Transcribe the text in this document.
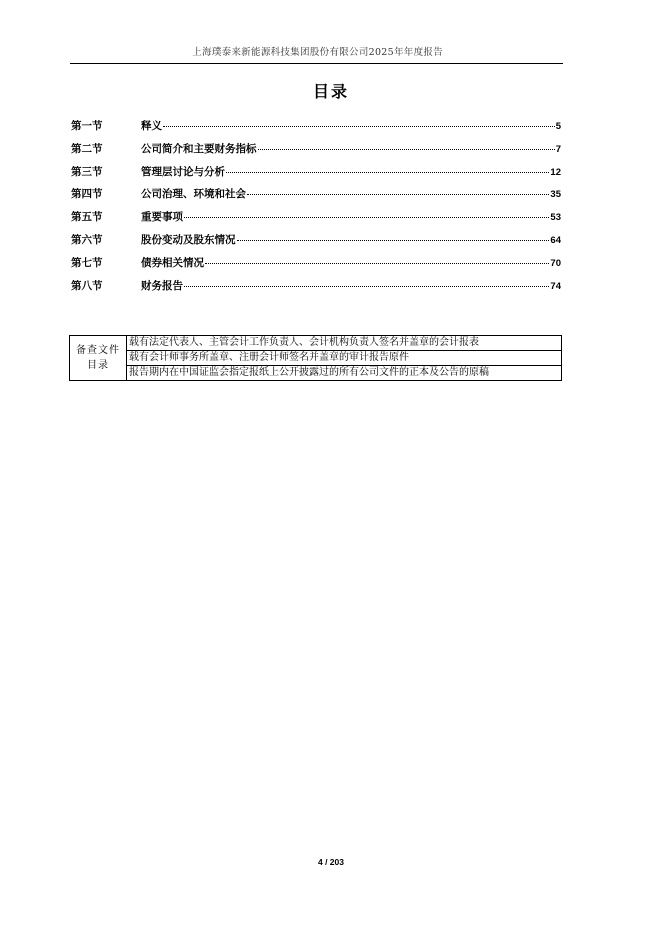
上海璞泰来新能源科技集团股份有限公司2025年年度报告
目录
第一节	释义	5
第二节	公司简介和主要财务指标	7
第三节	管理层讨论与分析	12
第四节	公司治理、环境和社会	35
第五节	重要事项	53
第六节	股份变动及股东情况	64
第七节	债券相关情况	70
第八节	财务报告	74
备查文件目录	载有法定代表人、主管会计工作负责人、会计机构负责人签名并盖章的会计报表
载有会计师事务所盖章、注册会计师签名并盖章的审计报告原件
报告期内在中国证监会指定报纸上公开披露过的所有公司文件的正本及公告的原稿
4 / 203
